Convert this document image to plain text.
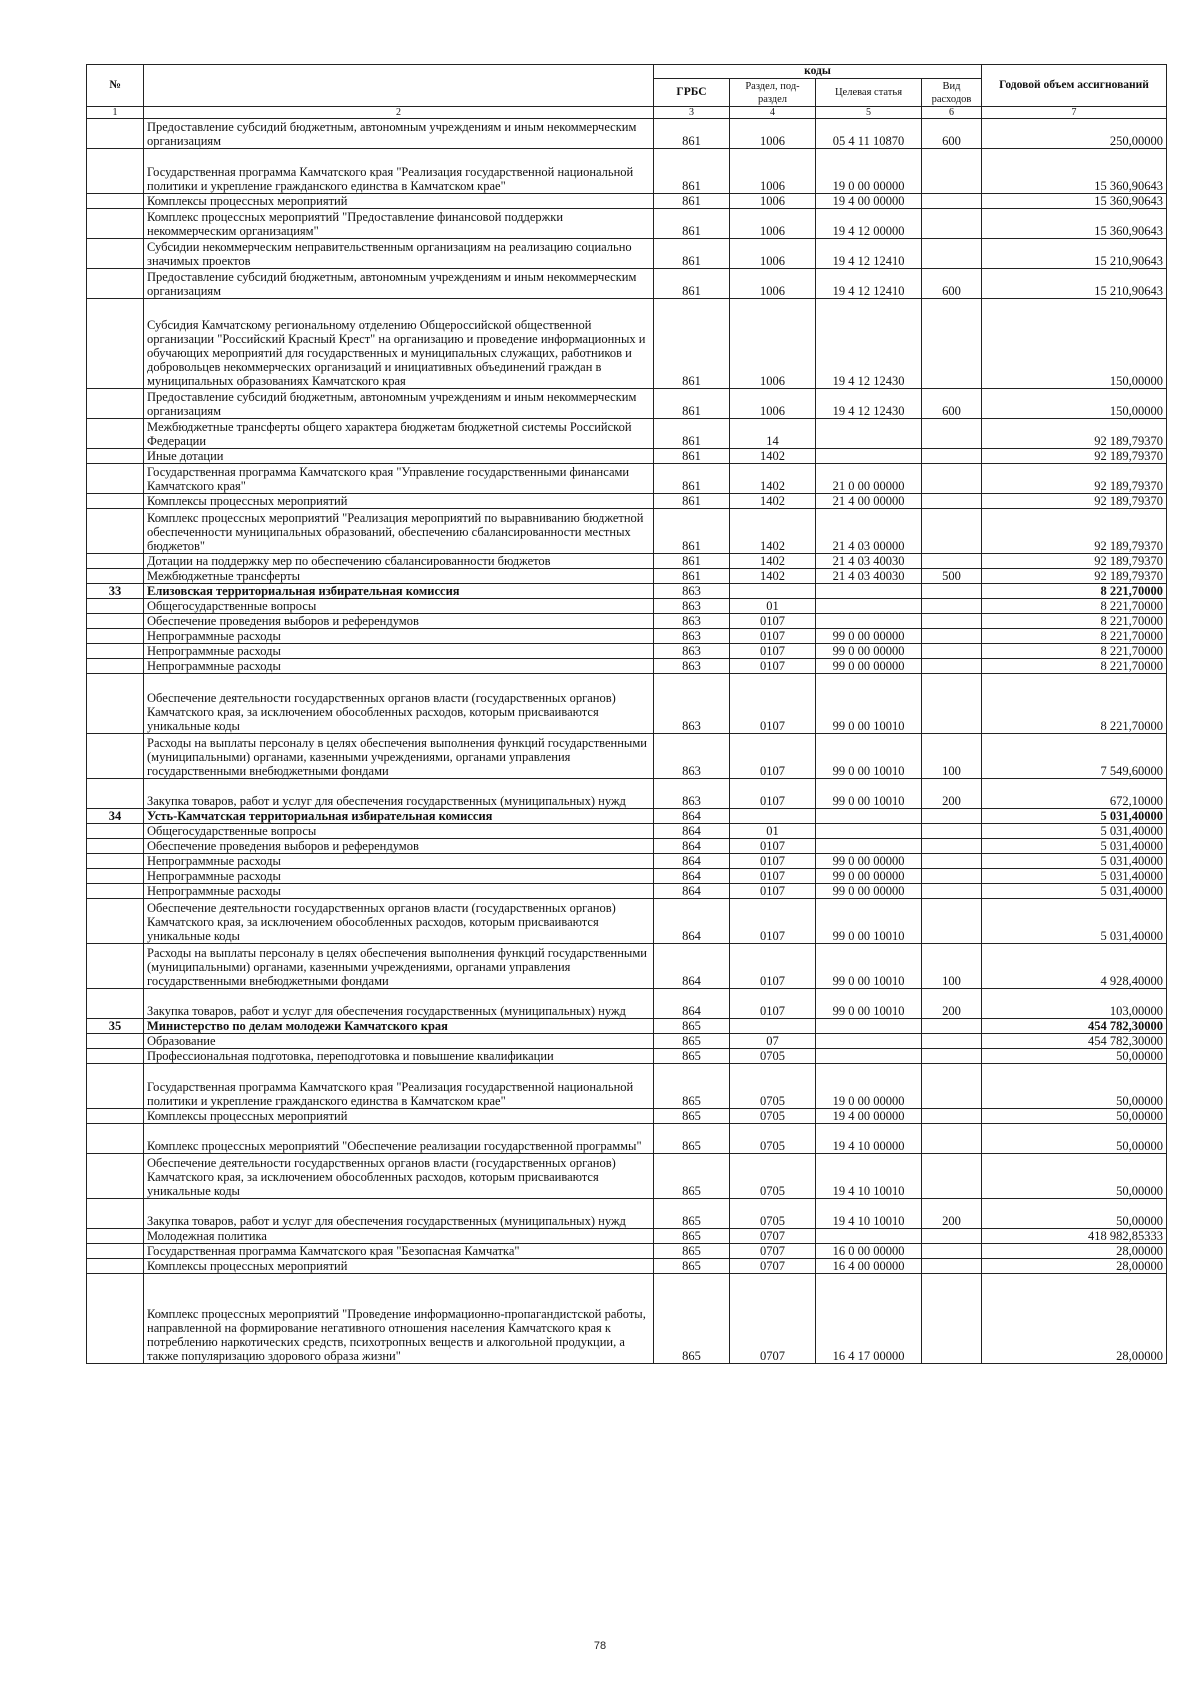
№		коды				Годовой объем ассигнований
		ГРБС	Раздел, под-раздел	Целевая статья	Вид расходов	
1	2	3	4	5	6	7
	Предоставление субсидий бюджетным, автономным учреждениям и иным некоммерческим организациям	861	1006	05 4 11 10870	600	250,00000
	Государственная программа Камчатского края "Реализация государственной национальной политики и укрепление гражданского единства в Камчатском крае"	861	1006	19 0 00 00000		15 360,90643
	Комплексы процессных мероприятий	861	1006	19 4 00 00000		15 360,90643
	Комплекс процессных мероприятий "Предоставление финансовой поддержки некоммерческим организациям"	861	1006	19 4 12 00000		15 360,90643
	Субсидии некоммерческим неправительственным организациям на реализацию социально значимых проектов	861	1006	19 4 12 12410		15 210,90643
	Предоставление субсидий бюджетным, автономным учреждениям и иным некоммерческим организациям	861	1006	19 4 12 12410	600	15 210,90643
	Субсидия Камчатскому региональному отделению Общероссийской общественной организации "Российский Красный Крест" на организацию и проведение информационных и обучающих мероприятий для государственных и муниципальных служащих, работников и добровольцев некоммерческих организаций и инициативных объединений граждан в муниципальных образованиях Камчатского края	861	1006	19 4 12 12430		150,00000
	Предоставление субсидий бюджетным, автономным учреждениям и иным некоммерческим организациям	861	1006	19 4 12 12430	600	150,00000
	Межбюджетные трансферты общего характера бюджетам бюджетной системы Российской Федерации	861	14			92 189,79370
	Иные дотации	861	1402			92 189,79370
	Государственная программа Камчатского края "Управление государственными финансами Камчатского края"	861	1402	21 0 00 00000		92 189,79370
	Комплексы процессных мероприятий	861	1402	21 4 00 00000		92 189,79370
	Комплекс процессных мероприятий "Реализация мероприятий по выравниванию бюджетной обеспеченности муниципальных образований, обеспечению сбалансированности местных бюджетов"	861	1402	21 4 03 00000		92 189,79370
	Дотации на поддержку мер по обеспечению сбалансированности бюджетов	861	1402	21 4 03 40030		92 189,79370
	Межбюджетные трансферты	861	1402	21 4 03 40030	500	92 189,79370
33	Елизовская территориальная избирательная комиссия	863				8 221,70000
	Общегосударственные вопросы	863	01			8 221,70000
	Обеспечение проведения выборов и референдумов	863	0107			8 221,70000
	Непрограммные расходы	863	0107	99 0 00 00000		8 221,70000
	Непрограммные расходы	863	0107	99 0 00 00000		8 221,70000
	Непрограммные расходы	863	0107	99 0 00 00000		8 221,70000
	Обеспечение деятельности государственных органов власти (государственных органов) Камчатского края, за исключением обособленных расходов, которым присваиваются уникальные коды	863	0107	99 0 00 10010		8 221,70000
	Расходы на выплаты персоналу в целях обеспечения выполнения функций государственными (муниципальными) органами, казенными учреждениями, органами управления государственными внебюджетными фондами	863	0107	99 0 00 10010	100	7 549,60000
	Закупка товаров, работ и услуг для обеспечения государственных (муниципальных) нужд	863	0107	99 0 00 10010	200	672,10000
34	Усть-Камчатская территориальная избирательная комиссия	864				5 031,40000
	Общегосударственные вопросы	864	01			5 031,40000
	Обеспечение проведения выборов и референдумов	864	0107			5 031,40000
	Непрограммные расходы	864	0107	99 0 00 00000		5 031,40000
	Непрограммные расходы	864	0107	99 0 00 00000		5 031,40000
	Непрограммные расходы	864	0107	99 0 00 00000		5 031,40000
	Обеспечение деятельности государственных органов власти (государственных органов) Камчатского края, за исключением обособленных расходов, которым присваиваются уникальные коды	864	0107	99 0 00 10010		5 031,40000
	Расходы на выплаты персоналу в целях обеспечения выполнения функций государственными (муниципальными) органами, казенными учреждениями, органами управления государственными внебюджетными фондами	864	0107	99 0 00 10010	100	4 928,40000
	Закупка товаров, работ и услуг для обеспечения государственных (муниципальных) нужд	864	0107	99 0 00 10010	200	103,00000
35	Министерство по делам молодежи Камчатского края	865				454 782,30000
	Образование	865	07			454 782,30000
	Профессиональная подготовка, переподготовка и повышение квалификации	865	0705			50,00000
	Государственная программа Камчатского края "Реализация государственной национальной политики и укрепление гражданского единства в Камчатском крае"	865	0705	19 0 00 00000		50,00000
	Комплексы процессных мероприятий	865	0705	19 4 00 00000		50,00000
	Комплекс процессных мероприятий "Обеспечение реализации государственной программы"	865	0705	19 4 10 00000		50,00000
	Обеспечение деятельности государственных органов власти (государственных органов) Камчатского края, за исключением обособленных расходов, которым присваиваются уникальные коды	865	0705	19 4 10 10010		50,00000
	Закупка товаров, работ и услуг для обеспечения государственных (муниципальных) нужд	865	0705	19 4 10 10010	200	50,00000
	Молодежная политика	865	0707			418 982,85333
	Государственная программа Камчатского края "Безопасная Камчатка"	865	0707	16 0 00 00000		28,00000
	Комплексы процессных мероприятий	865	0707	16 4 00 00000		28,00000
	Комплекс процессных мероприятий "Проведение информационно-пропагандистской работы, направленной на формирование негативного отношения населения Камчатского края к потреблению наркотических средств, психотропных веществ и алкогольной продукции, а также популяризацию здорового образа жизни"	865	0707	16 4 17 00000		28,00000
78
